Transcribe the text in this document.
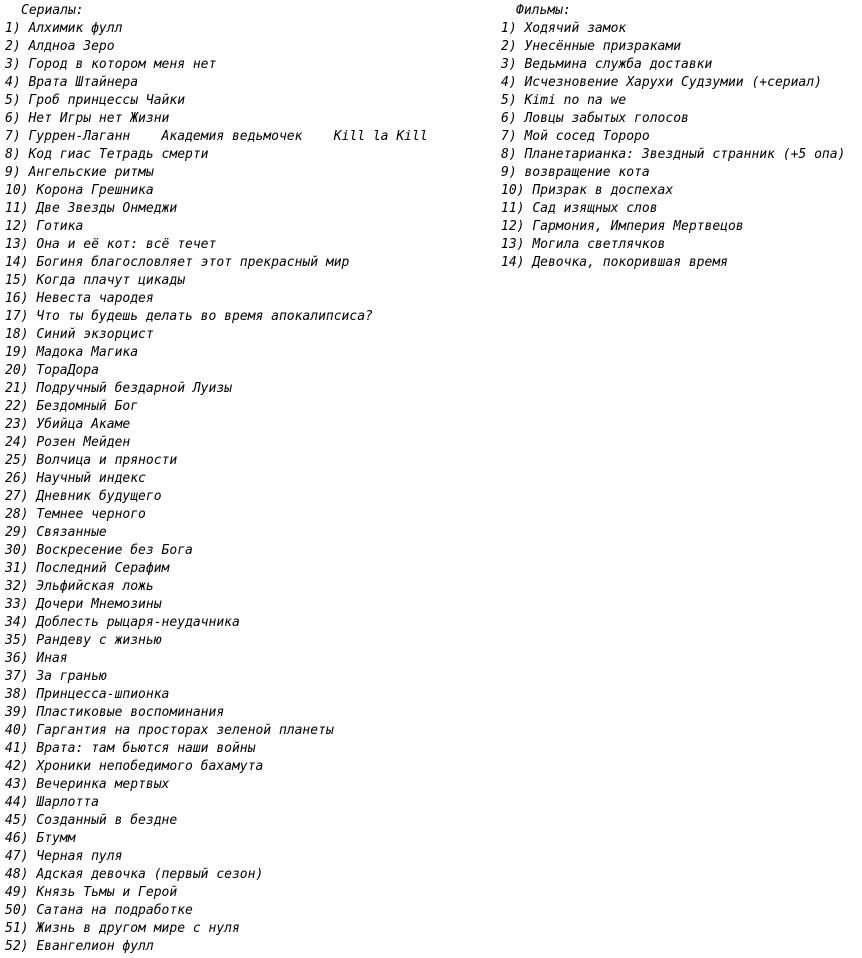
Сериалы:
1) Алхимик фулл
2) Алдноа Зеро
3) Город в котором меня нет
4) Врата Штайнера
5) Гроб принцессы Чайки
6) Нет Игры нет Жизни
7) Гуррен-Лаганн    Академия ведьмочек    Kill la Kill
8) Код гиас Тетрадь смерти
9) Ангельские ритмы
10) Корона Грешника
11) Две Звезды Онмеджи
12) Готика
13) Она и её кот: всё течет
14) Богиня благословляет этот прекрасный мир
15) Когда плачут цикады
16) Невеста чародея
17) Что ты будешь делать во время апокалипсиса?
18) Синий экзорцист
19) Мадока Магика
20) ТораДора
21) Подручный бездарной Луизы
22) Бездомный Бог
23) Убийца Акаме
24) Розен Мейден
25) Волчица и пряности
26) Научный индекс
27) Дневник будущего
28) Темнее черного
29) Связанные
30) Воскресение без Бога
31) Последний Серафим
32) Эльфийская ложь
33) Дочери Мнемозины
34) Доблесть рыцаря-неудачника
35) Рандеву с жизнью
36) Иная
37) За гранью
38) Принцесса-шпионка
39) Пластиковые воспоминания
40) Гаргантия на просторах зеленой планеты
41) Врата: там бьются наши войны
42) Хроники непобедимого бахамута
43) Вечеринка мертвых
44) Шарлотта
45) Созданный в бездне
46) Бтумм
47) Черная пуля
48) Адская девочка (первый сезон)
49) Князь Тьмы и Герой
50) Сатана на подработке
51) Жизнь в другом мире с нуля
52) Евангелион фулл
Фильмы:
1) Ходячий замок
2) Унесённые призраками
3) Ведьмина служба доставки
4) Исчезновение Харухи Судзумии (+сериал)
5) Kimi no na we
6) Ловцы забытых голосов
7) Мой сосед Тороро
8) Планетарианка: Звездный странник (+5 опа)
9) возвращение кота
10) Призрак в доспехах
11) Сад изящных слов
12) Гармония, Империя Мертвецов
13) Могила светлячков
14) Девочка, покорившая время
